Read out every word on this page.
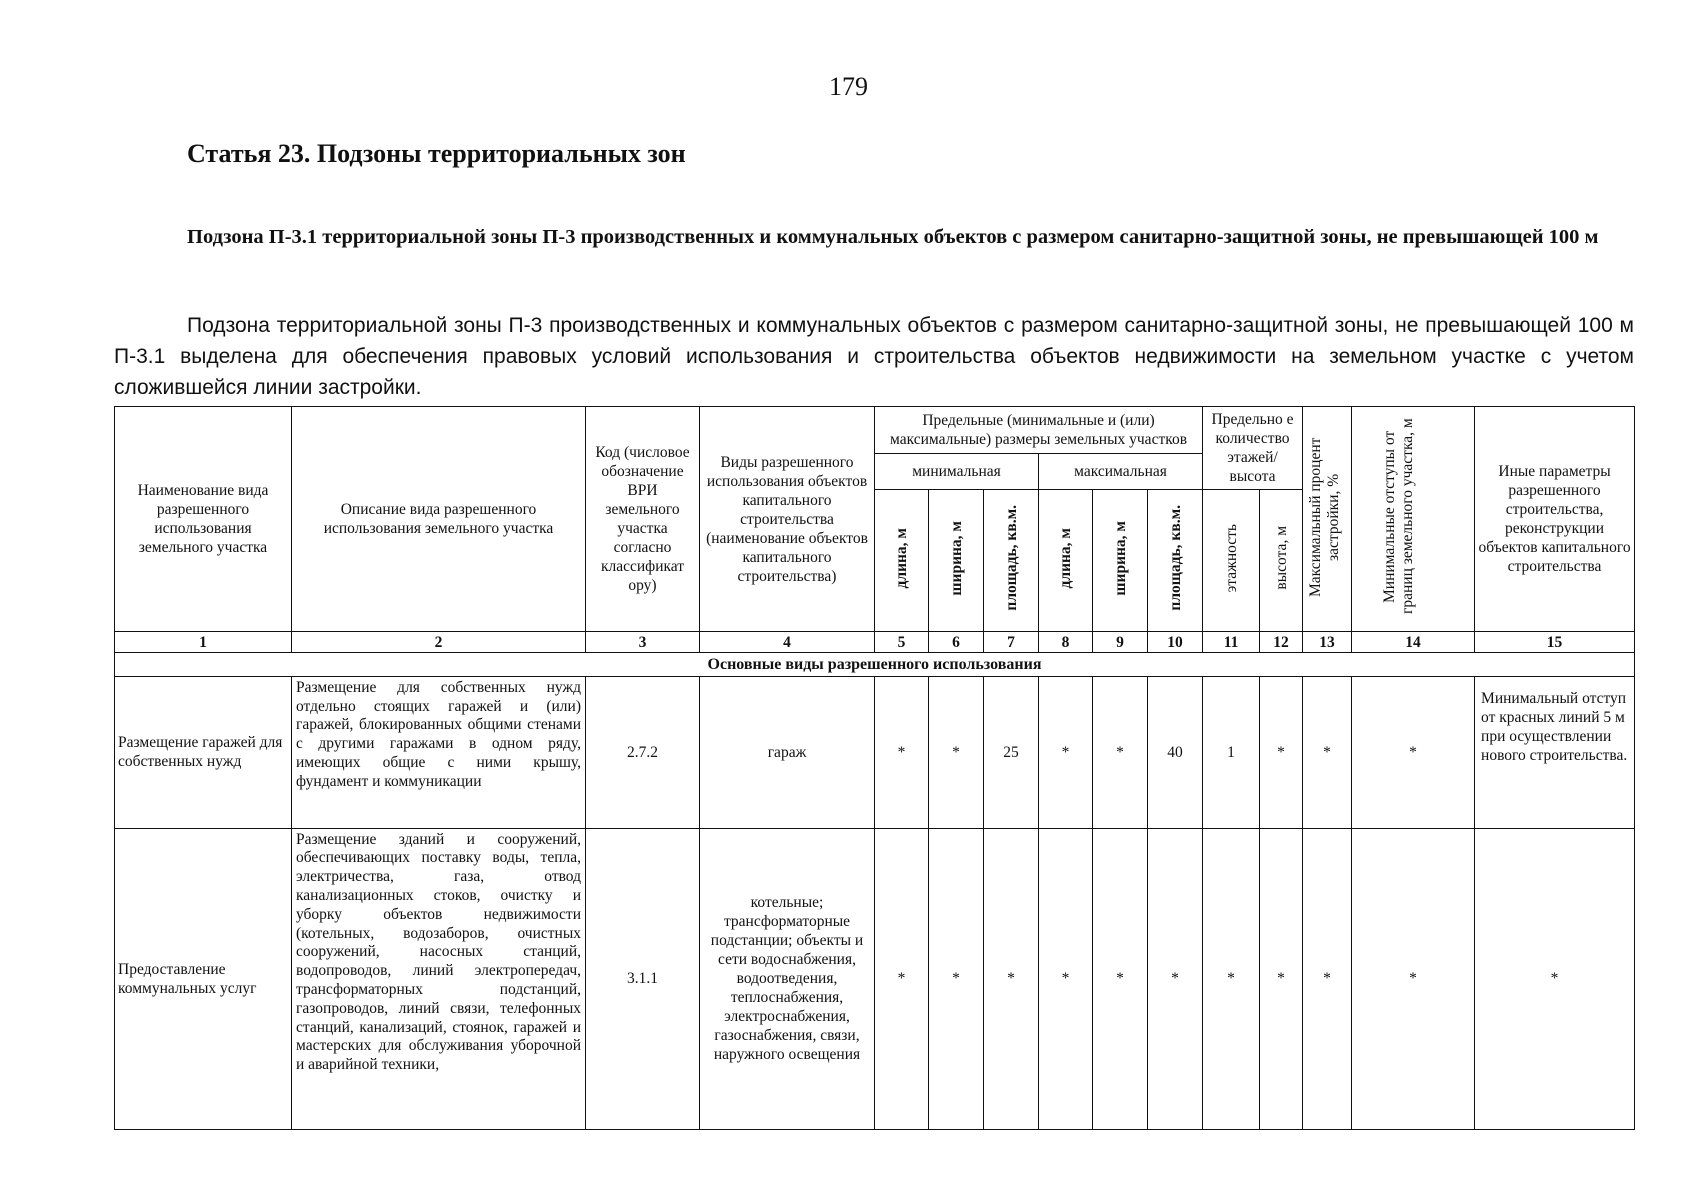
179
Статья 23. Подзоны территориальных зон
Подзона П-3.1 территориальной зоны П-3 производственных и коммунальных объектов с размером санитарно-защитной зоны, не превышающей 100 м
Подзона территориальной зоны П-3 производственных и коммунальных объектов с размером санитарно-защитной зоны, не превышающей 100 м П-3.1 выделена для обеспечения правовых условий использования и строительства объектов недвижимости на земельном участке с учетом сложившейся линии застройки.
Наименование вида разрешенного использования земельного участка	Описание вида разрешенного использования земельного участка	Код (числовое обозначение ВРИ земельного участка согласно классификат ору)	Виды разрешенного использования объектов капитального строительства (наименование объектов капитального строительства)	Предельные (минимальные и (или) максимальные) размеры земельных участков						Предельно е количество этажей/ высота		Максимальный процент застройки, %	Минимальные отступы от границ земельного участка, м	Иные параметры разрешенного строительства, реконструкции объектов капитального строительства
				минимальная			максимальная							
				длина, м	ширина, м	площадь, кв.м.	длина, м	ширина, м	площадь, кв.м.	этажность	высота, м			
1	2	3	4	5	6	7	8	9	10	11	12	13	14	15
Основные виды разрешенного использования														
Размещение гаражей для собственных нужд	Размещение для собственных нужд отдельно стоящих гаражей и (или) гаражей, блокированных общими стенами с другими гаражами в одном ряду, имеющих общие с ними крышу, фундамент и коммуникации	2.7.2	гараж	*	*	25	*	*	40	1	*	*	*	Минимальный отступ от красных линий 5 м при осуществлении нового строительства.
Предоставление коммунальных услуг	Размещение зданий и сооружений, обеспечивающих поставку воды, тепла, электричества, газа, отвод канализационных стоков, очистку и уборку объектов недвижимости (котельных, водозаборов, очистных сооружений, насосных станций, водопроводов, линий электропередач, трансформаторных подстанций, газопроводов, линий связи, телефонных станций, канализаций, стоянок, гаражей и мастерских для обслуживания уборочной и аварийной техники,	3.1.1	котельные; трансформаторные подстанции; объекты и сети водоснабжения, водоотведения, теплоснабжения, электроснабжения, газоснабжения, связи, наружного освещения	*	*	*	*	*	*	*	*	*	*	*
